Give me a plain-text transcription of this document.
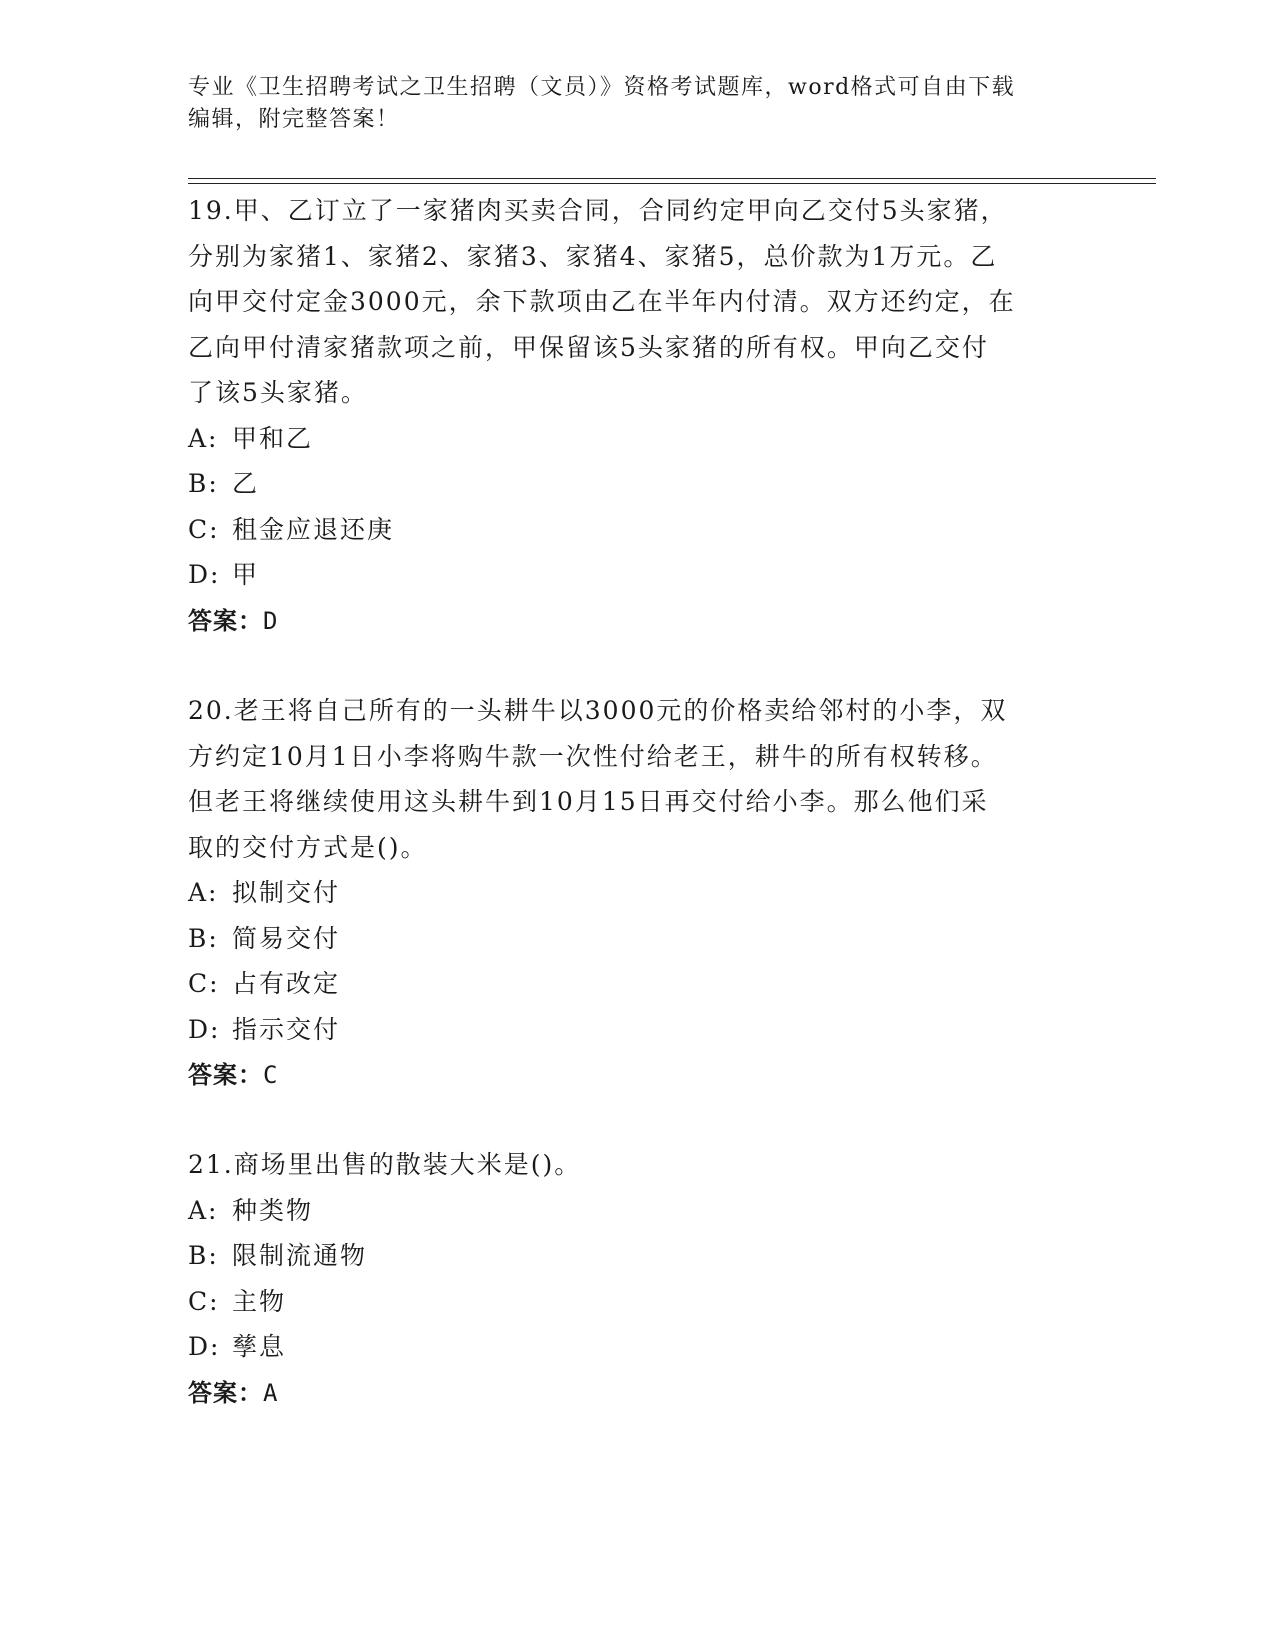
专业《卫生招聘考试之卫生招聘（文员）》资格考试题库，word格式可自由下载
编辑，附完整答案！
19.甲、乙订立了一家猪肉买卖合同，合同约定甲向乙交付5头家猪，
分别为家猪1、家猪2、家猪3、家猪4、家猪5，总价款为1万元。乙
向甲交付定金3000元，余下款项由乙在半年内付清。双方还约定，在
乙向甲付清家猪款项之前，甲保留该5头家猪的所有权。甲向乙交付
了该5头家猪。
A: 甲和乙
B: 乙
C: 租金应退还庚
D: 甲
答案：D
20.老王将自己所有的一头耕牛以3000元的价格卖给邻村的小李，双
方约定10月1日小李将购牛款一次性付给老王，耕牛的所有权转移。
但老王将继续使用这头耕牛到10月15日再交付给小李。那么他们采
取的交付方式是()。
A: 拟制交付
B: 简易交付
C: 占有改定
D: 指示交付
答案：C
21.商场里出售的散装大米是()。
A: 种类物
B: 限制流通物
C: 主物
D: 孳息
答案：A
